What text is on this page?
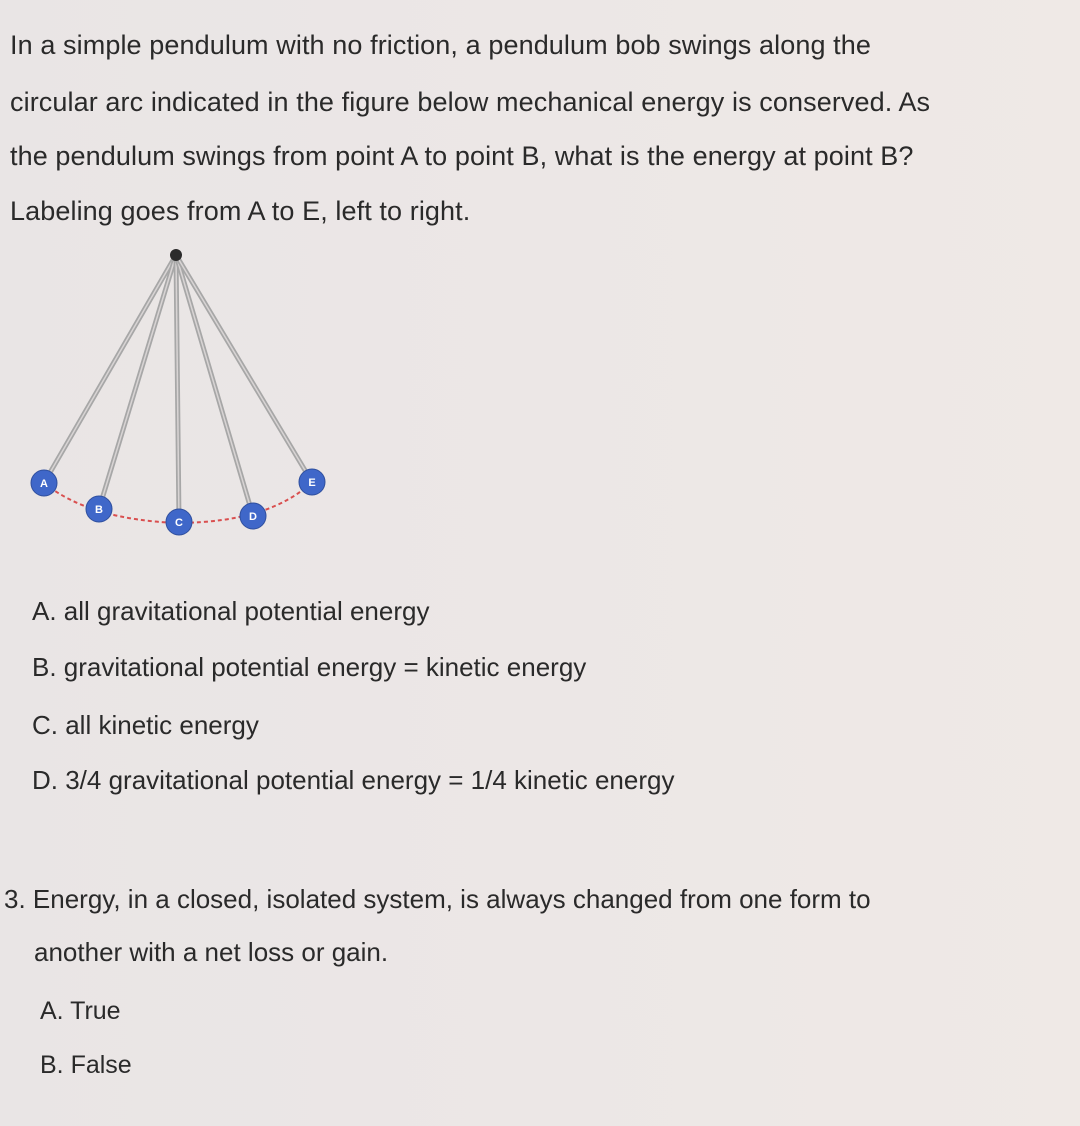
In a simple pendulum with no friction, a pendulum bob swings along the
circular arc indicated in the figure below mechanical energy is conserved. As
the pendulum swings from point A to point B, what is the energy at point B?
Labeling goes from A to E, left to right.
A
B
C	D
E
A. all gravitational potential energy
B. gravitational potential energy = kinetic energy
C. all kinetic energy
D. 3/4 gravitational potential energy = 1/4 kinetic energy
3. Energy, in a closed, isolated system, is always changed from one form to
another with a net loss or gain.
A. True
B. False
